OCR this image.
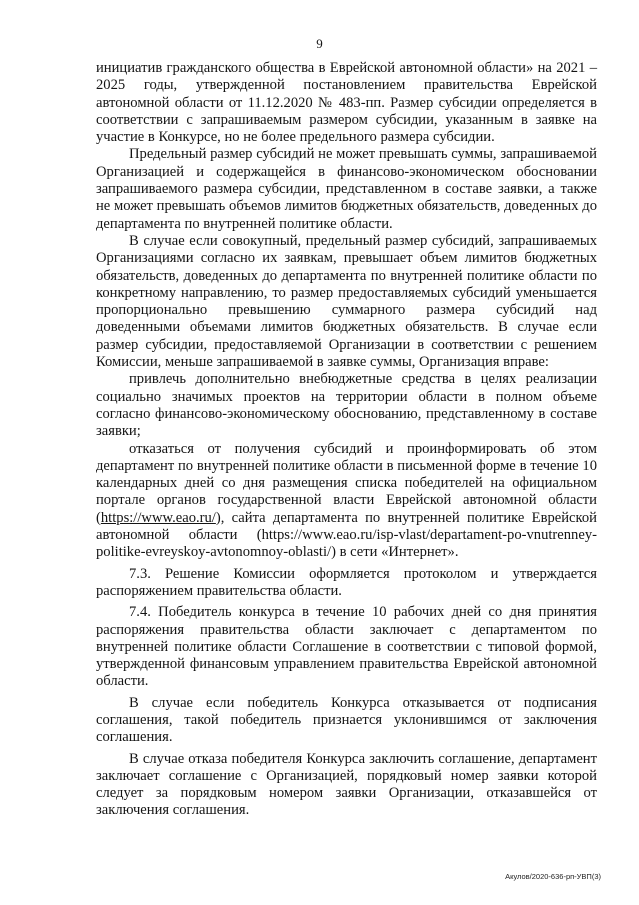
9

инициатив гражданского общества в Еврейской автономной области» на 2021 – 2025 годы, утвержденной постановлением правительства Еврейской автономной области от 11.12.2020 № 483-пп. Размер субсидии определяется в соответствии с запрашиваемым размером субсидии, указанным в заявке на участие в Конкурсе, но не более предельного размера субсидии.

Предельный размер субсидий не может превышать суммы, запрашиваемой Организацией и содержащейся в финансово-экономическом обосновании запрашиваемого размера субсидии, представленном в составе заявки, а также не может превышать объемов лимитов бюджетных обязательств, доведенных до департамента по внутренней политике области.

В случае если совокупный, предельный размер субсидий, запрашиваемых Организациями согласно их заявкам, превышает объем лимитов бюджетных обязательств, доведенных до департамента по внутренней политике области по конкретному направлению, то размер предоставляемых субсидий уменьшается пропорционально превышению суммарного размера субсидий над доведенными объемами лимитов бюджетных обязательств. В случае если размер субсидии, предоставляемой Организации в соответствии с решением Комиссии, меньше запрашиваемой в заявке суммы, Организация вправе:

привлечь дополнительно внебюджетные средства в целях реализации социально значимых проектов на территории области в полном объеме согласно финансово-экономическому обоснованию, представленному в составе заявки;

отказаться от получения субсидий и проинформировать об этом департамент по внутренней политике области в письменной форме в течение 10 календарных дней со дня размещения списка победителей на официальном портале органов государственной власти Еврейской автономной области (https://www.eao.ru/), сайта департамента по внутренней политике Еврейской автономной области (https://www.eao.ru/isp-vlast/departament-po-vnutrenney-politike-evreyskoy-avtonomnoy-oblasti/) в сети «Интернет».

7.3. Решение Комиссии оформляется протоколом и утверждается распоряжением правительства области.

7.4. Победитель конкурса в течение 10 рабочих дней со дня принятия распоряжения правительства области заключает с департаментом по внутренней политике области Соглашение в соответствии с типовой формой, утвержденной финансовым управлением правительства Еврейской автономной области.

В случае если победитель Конкурса отказывается от подписания соглашения, такой победитель признается уклонившимся от заключения соглашения.

В случае отказа победителя Конкурса заключить соглашение, департамент заключает соглашение с Организацией, порядковый номер заявки которой следует за порядковым номером заявки Организации, отказавшейся от заключения соглашения.

Акулов/2020-636-рп-УВП(3)
